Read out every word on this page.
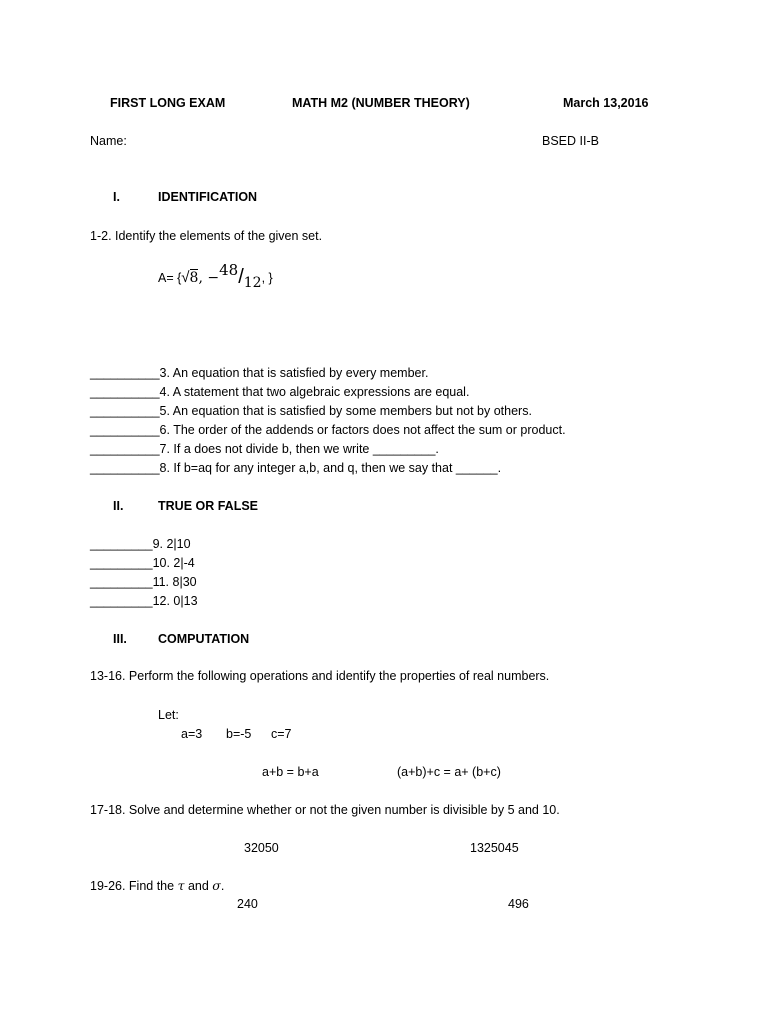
FIRST LONG EXAM	MATH M2 (NUMBER THEORY)	March 13,2016
Name:	BSED II-B
I.	IDENTIFICATION
1-2. Identify the elements of the given set.
A= {√8, −48/12, }
__________3. An equation that is satisfied by every member.
__________4. A statement that two algebraic expressions are equal.
__________5. An equation that is satisfied by some members but not by others.
__________6. The order of the addends or factors does not affect the sum or product.
__________7. If a does not divide b, then we write _________.
__________8. If b=aq for any integer a,b, and q, then we say that ______.
II.	TRUE OR FALSE
_________9. 2|10
_________10. 2|-4
_________11. 8|30
_________12. 0|13
III. COMPUTATION
13-16. Perform the following operations and identify the properties of real numbers.
Let:
a=3 b=-5 c=7
a+b = b+a	(a+b)+c = a+ (b+c)
17-18. Solve and determine whether or not the given number is divisible by 5 and 10.
32050	1325045
19-26. Find the τ and σ.
240	496
